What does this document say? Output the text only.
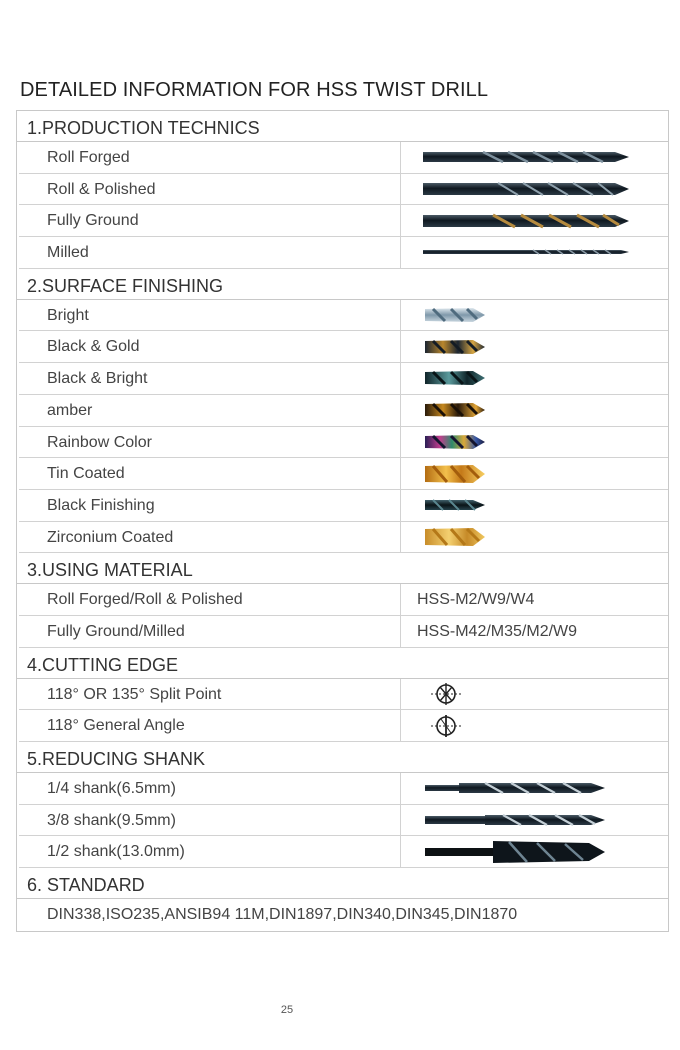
DETAILED INFORMATION FOR HSS TWIST DRILL
1.PRODUCTION TECHNICS
Roll Forged
Roll & Polished
Fully Ground
Milled
2.SURFACE FINISHING
Bright
Black & Gold
Black & Bright
amber
Rainbow Color
Tin Coated
Black Finishing
Zirconium Coated
3.USING MATERIAL
Roll Forged/Roll & Polished	HSS-M2/W9/W4
Fully Ground/Milled	HSS-M42/M35/M2/W9
4.CUTTING EDGE
118° OR 135° Split Point
118° General Angle
5.REDUCING SHANK
1/4 shank(6.5mm)
3/8 shank(9.5mm)
1/2 shank(13.0mm)
6. STANDARD
DIN338,ISO235,ANSIB94 11M,DIN1897,DIN340,DIN345,DIN1870
25
